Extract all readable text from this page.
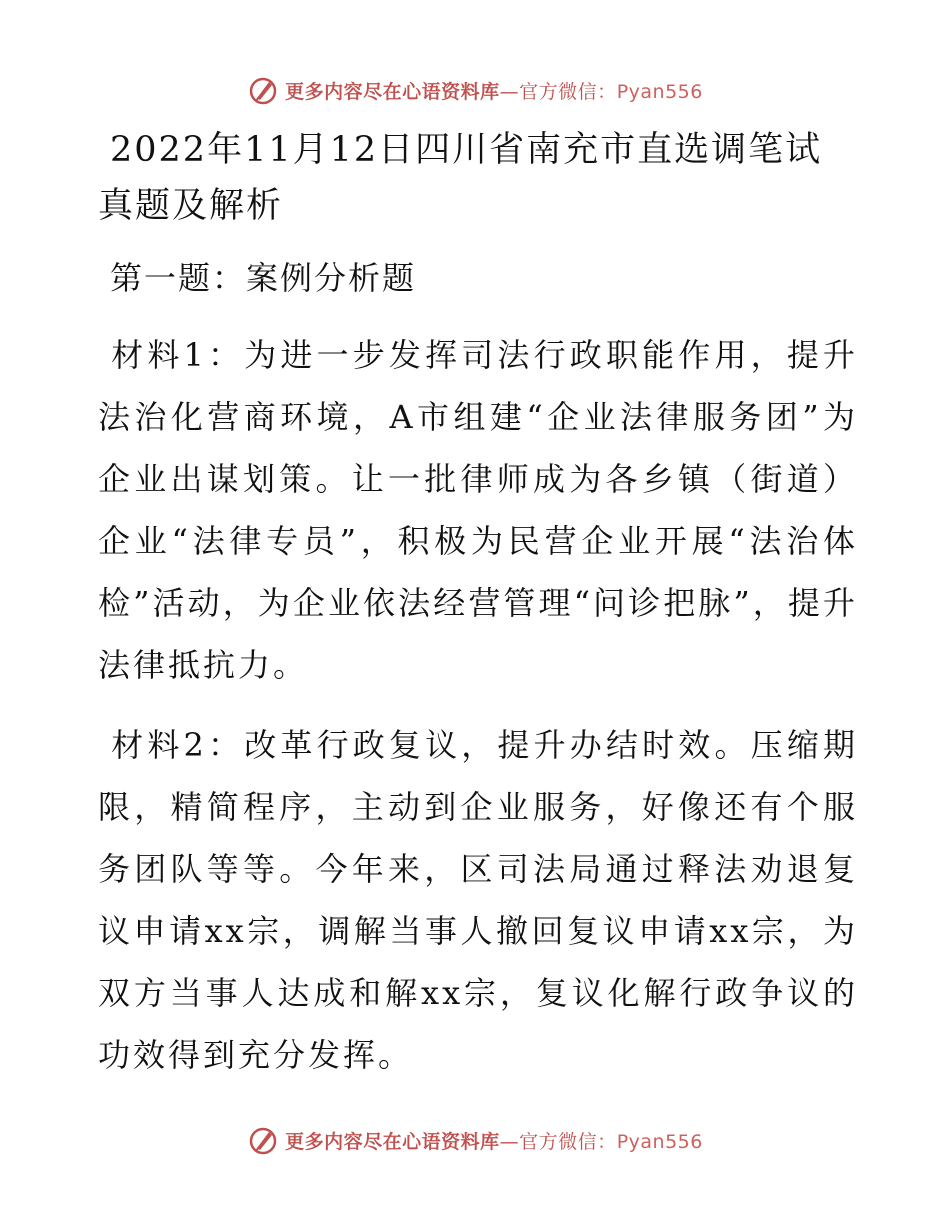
更多内容尽在心语资料库—官方微信：Pyan556
2022年11月12日四川省南充市直选调笔试真题及解析
第一题：案例分析题

材料1：为进一步发挥司法行政职能作用，提升法治化营商环境，A市组建“企业法律服务团”为企业出谋划策。让一批律师成为各乡镇（街道）企业“法律专员”，积极为民营企业开展“法治体检”活动，为企业依法经营管理“问诊把脉”，提升法律抵抗力。

材料2：改革行政复议，提升办结时效。压缩期限，精简程序，主动到企业服务，好像还有个服务团队等等。今年来，区司法局通过释法劝退复议申请xx宗，调解当事人撤回复议申请xx宗，为双方当事人达成和解xx宗，复议化解行政争议的功效得到充分发挥。

更多内容尽在心语资料库—官方微信：Pyan556
